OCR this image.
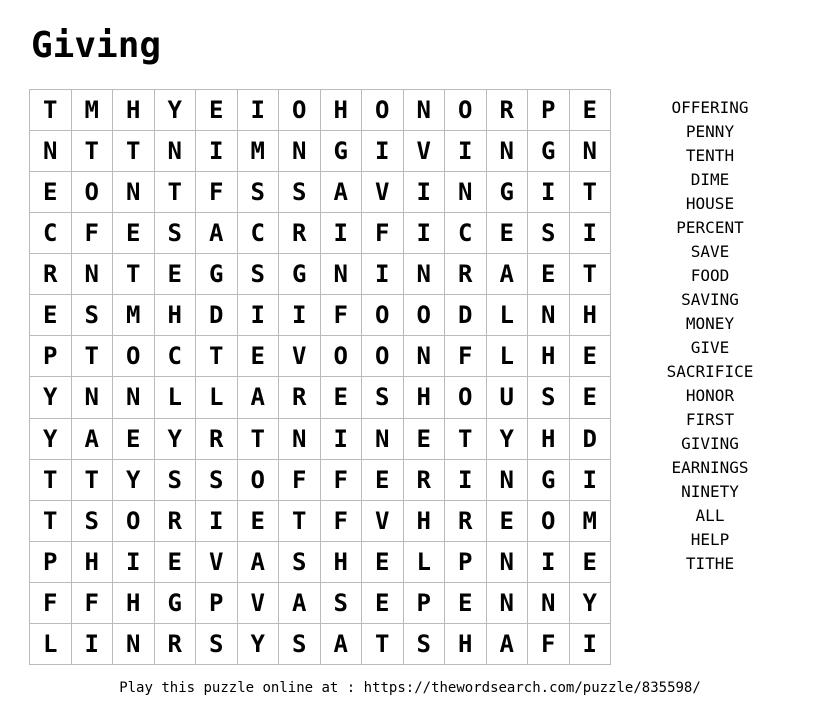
Giving
T	M	H	Y	E	I	O	H	O	N	O	R	P	E
N	T	T	N	I	M	N	G	I	V	I	N	G	N
E	O	N	T	F	S	S	A	V	I	N	G	I	T
C	F	E	S	A	C	R	I	F	I	C	E	S	I
R	N	T	E	G	S	G	N	I	N	R	A	E	T
E	S	M	H	D	I	I	F	O	O	D	L	N	H
P	T	O	C	T	E	V	O	O	N	F	L	H	E
Y	N	N	L	L	A	R	E	S	H	O	U	S	E
Y	A	E	Y	R	T	N	I	N	E	T	Y	H	D
T	T	Y	S	S	O	F	F	E	R	I	N	G	I
T	S	O	R	I	E	T	F	V	H	R	E	O	M
P	H	I	E	V	A	S	H	E	L	P	N	I	E
F	F	H	G	P	V	A	S	E	P	E	N	N	Y
L	I	N	R	S	Y	S	A	T	S	H	A	F	I
OFFERING
PENNY
TENTH
DIME
HOUSE
PERCENT
SAVE
FOOD
SAVING
MONEY
GIVE
SACRIFICE
HONOR
FIRST
GIVING
EARNINGS
NINETY
ALL
HELP
TITHE
Play this puzzle online at : https://thewordsearch.com/puzzle/835598/
